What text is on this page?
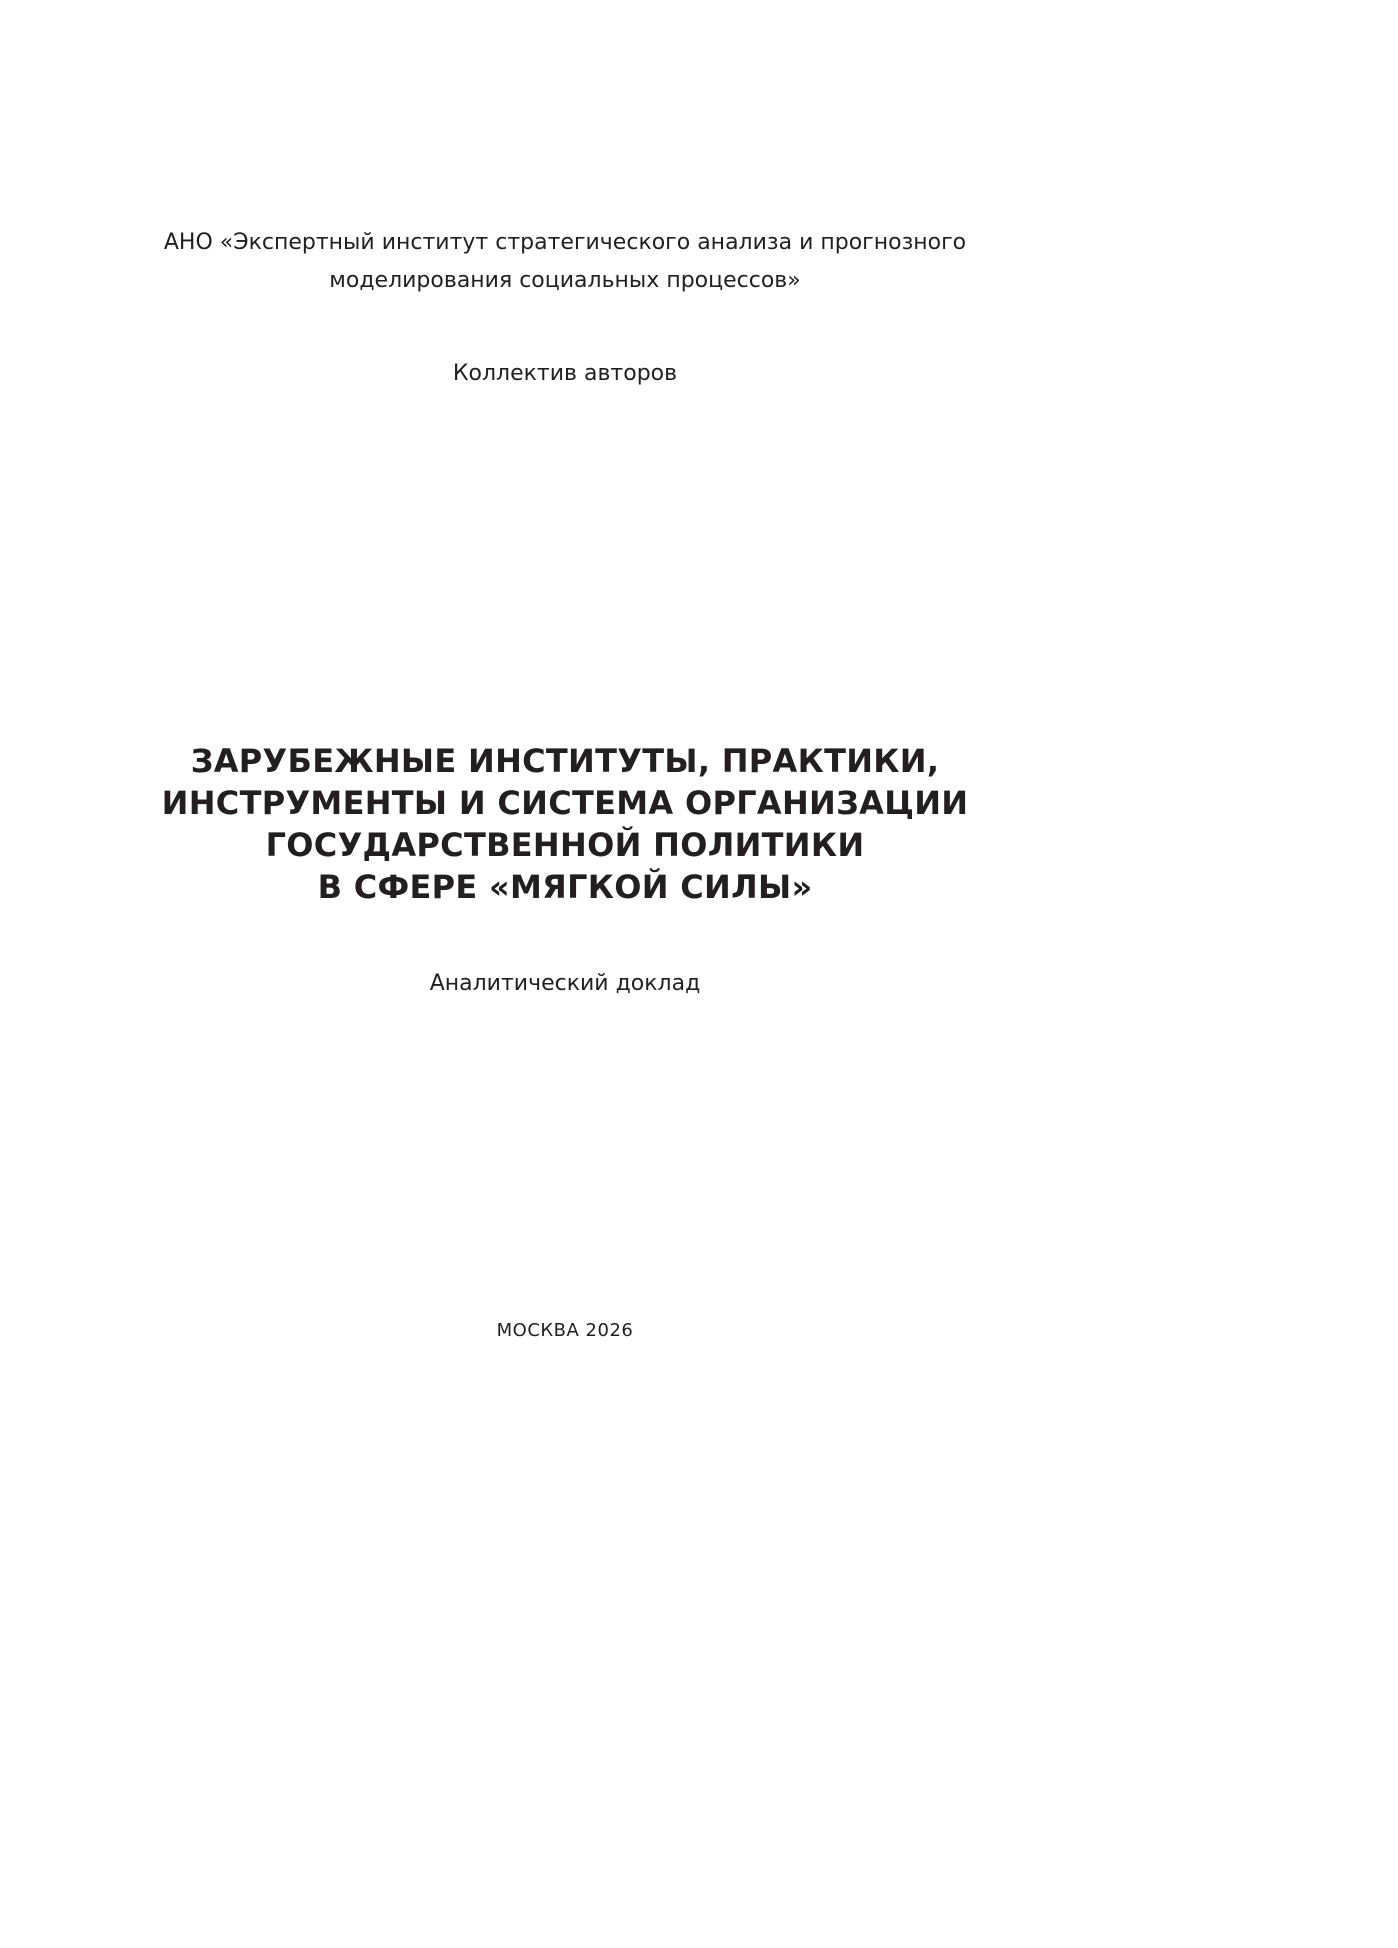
АНО «Экспертный институт стратегического анализа и прогнозного
моделирования социальных процессов»
Коллектив авторов
ЗАРУБЕЖНЫЕ ИНСТИТУТЫ, ПРАКТИКИ,
ИНСТРУМЕНТЫ И СИСТЕМА ОРГАНИЗАЦИИ
ГОСУДАРСТВЕННОЙ ПОЛИТИКИ
В СФЕРЕ «МЯГКОЙ СИЛЫ»
Аналитический доклад
МОСКВА 2026
